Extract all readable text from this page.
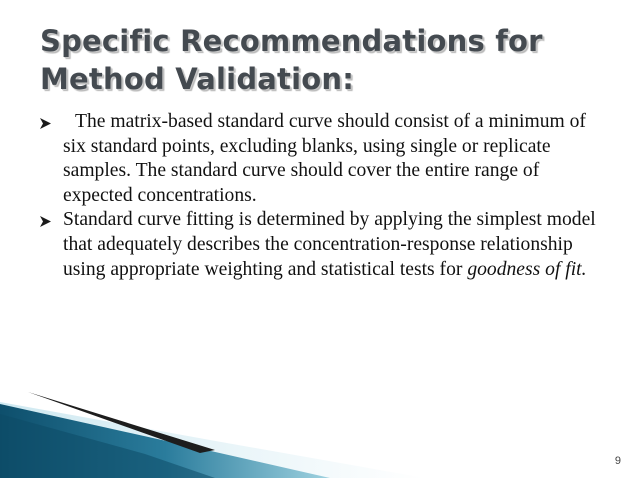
Specific Recommendations for Method Validation:
The matrix-based standard curve should consist of a minimum of six standard points, excluding blanks, using single or replicate samples. The standard curve should cover the entire range of expected concentrations.
Standard curve fitting is determined by applying the simplest model that adequately describes the concentration-response relationship using appropriate weighting and statistical tests for goodness of fit.
9
